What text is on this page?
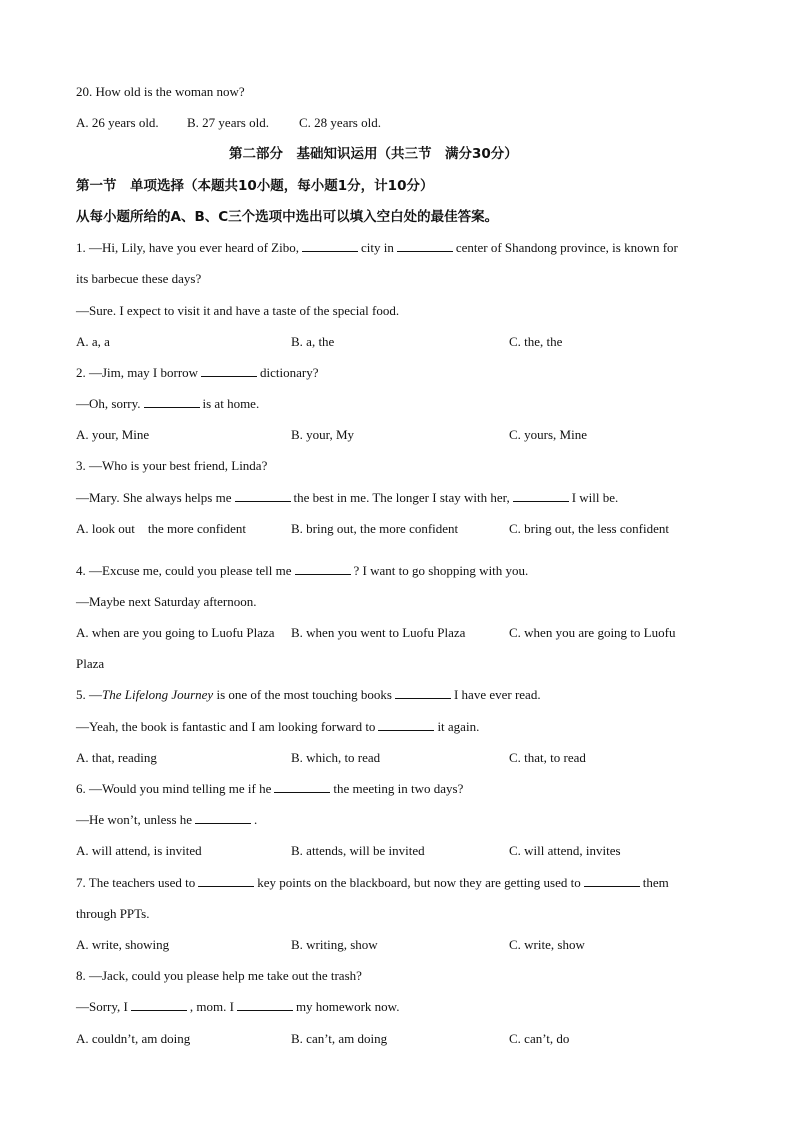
20. How old is the woman now?
A. 26 years old. B. 27 years old. C. 28 years old.
第二部分　基础知识运用（共三节　满分30分）
第一节　单项选择（本题共10小题，每小题1分，计10分）
从每小题所给的A、B、C三个选项中选出可以填入空白处的最佳答案。
1. —Hi, Lily, have you ever heard of Zibo,	city in	center of Shandong province, is known for
its barbecue these days?
—Sure. I expect to visit it and have a taste of the special food.
A. a, a	B. a, the	C. the, the
2. —Jim, may I borrow	dictionary?
—Oh, sorry.	is at home.
A. your, Mine	B. your, My	C. yours, Mine
3. —Who is your best friend, Linda?
—Mary. She always helps me	the best in me. The longer I stay with her,	I will be.
A. look out　the more confident	B. bring out, the more confident	C. bring out, the less confident
4. —Excuse me, could you please tell me	? I want to go shopping with you.
—Maybe next Saturday afternoon.
A. when are you going to Luofu Plaza B. when you went to Luofu Plaza	C. when you are going to Luofu
Plaza
5. —The Lifelong Journey is one of the most touching books	I have ever read.
—Yeah, the book is fantastic and I am looking forward to	it again.
A. that, reading	B. which, to read	C. that, to read
6. —Would you mind telling me if he	the meeting in two days?
—He won’t, unless he	.
A. will attend, is invited	B. attends, will be invited	C. will attend, invites
7. The teachers used to	key points on the blackboard, but now they are getting used to	them
through PPTs.
A. write, showing	B. writing, show	C. write, show
8. —Jack, could you please help me take out the trash?
—Sorry, I	, mom. I	my homework now.
A. couldn’t, am doing	B. can’t, am doing	C. can’t, do
